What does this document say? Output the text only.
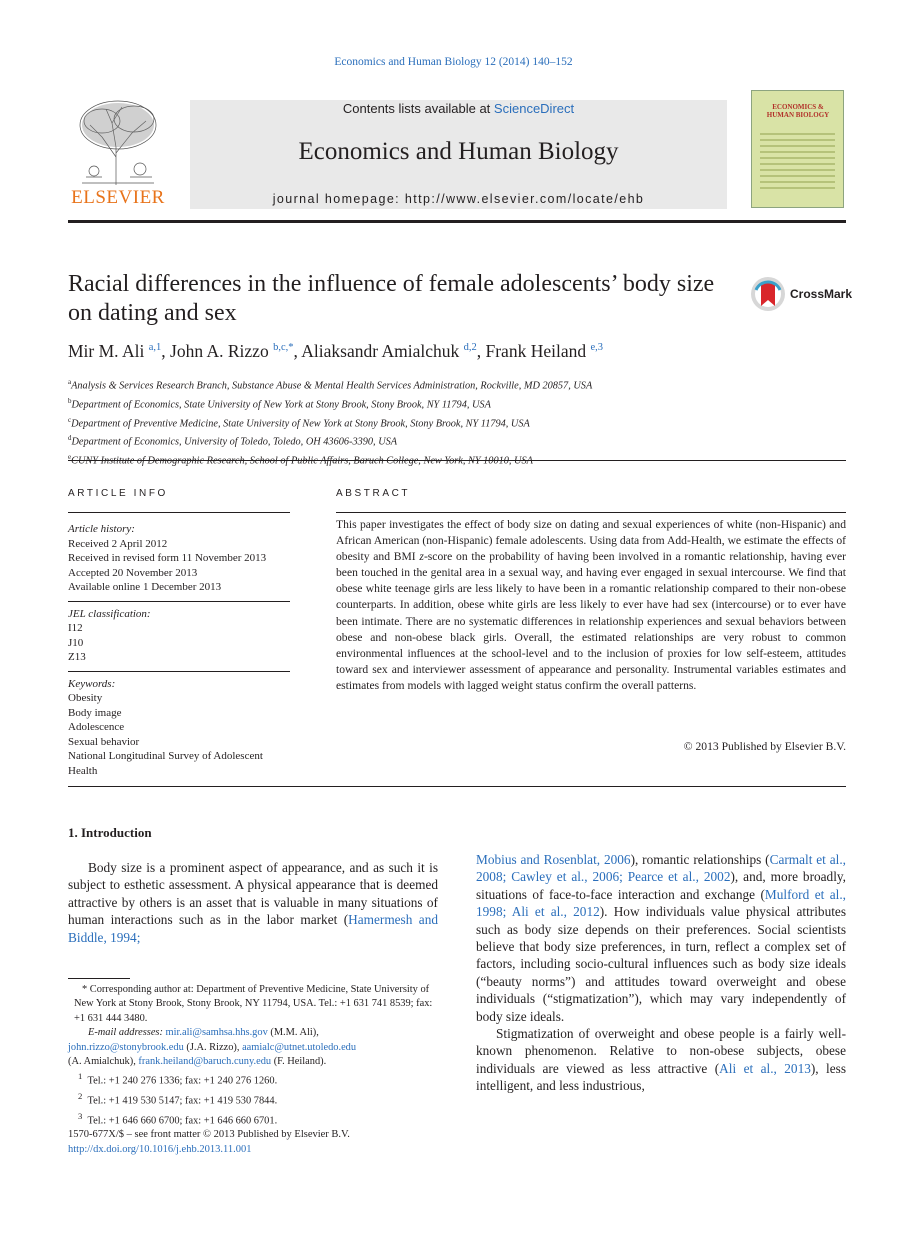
Economics and Human Biology 12 (2014) 140–152
ELSEVIER
Contents lists available at ScienceDirect
Economics and Human Biology
journal homepage: http://www.elsevier.com/locate/ehb
ECONOMICS &
HUMAN BIOLOGY
Racial differences in the influence of female adolescents’ body size on dating and sex
CrossMark
Mir M. Ali $^{a,1}$, John A. Rizzo $^{b,c,*}$, Aliaksandr Amialchuk $^{d,2}$, Frank Heiland $^{e,3}$
$^a$Analysis & Services Research Branch, Substance Abuse & Mental Health Services Administration, Rockville, MD 20857, USA
$^b$Department of Economics, State University of New York at Stony Brook, Stony Brook, NY 11794, USA
$^c$Department of Preventive Medicine, State University of New York at Stony Brook, Stony Brook, NY 11794, USA
$^d$Department of Economics, University of Toledo, Toledo, OH 43606-3390, USA
$^e$CUNY Institute of Demographic Research, School of Public Affairs, Baruch College, New York, NY 10010, USA
ARTICLE INFO
Article history:
Received 2 April 2012
Received in revised form 11 November 2013
Accepted 20 November 2013
Available online 1 December 2013
JEL classification:
I12
J10
Z13
Keywords:
Obesity
Body image
Adolescence
Sexual behavior
National Longitudinal Survey of Adolescent Health
ABSTRACT
This paper investigates the effect of body size on dating and sexual experiences of white (non-Hispanic) and African American (non-Hispanic) female adolescents. Using data from Add-Health, we estimate the effects of obesity and BMI z-score on the probability of having been involved in a romantic relationship, having ever been touched in the genital area in a sexual way, and having ever engaged in sexual intercourse. We find that obese white teenage girls are less likely to have been in a romantic relationship compared to their non-obese counterparts. In addition, obese white girls are less likely to ever have had sex (intercourse) or to ever have been intimate. There are no systematic differences in relationship experiences and sexual behaviors between obese and non-obese black girls. Overall, the estimated relationships are very robust to common environmental influences at the school-level and to the inclusion of proxies for low self-esteem, attitudes toward sex and interviewer assessment of appearance and personality. Instrumental variables estimates and estimates from models with lagged weight status confirm the overall patterns.
© 2013 Published by Elsevier B.V.
1. Introduction
Body size is a prominent aspect of appearance, and as such it is subject to esthetic assessment. A physical appearance that is deemed attractive by others is an asset that is valuable in many situations of human interactions such as in the labor market (Hamermesh and Biddle, 1994;
Mobius and Rosenblat, 2006), romantic relationships (Carmalt et al., 2008; Cawley et al., 2006; Pearce et al., 2002), and, more broadly, situations of face-to-face interaction and exchange (Mulford et al., 1998; Ali et al., 2012). How individuals value physical attributes such as body size depends on their preferences. Social scientists believe that body size preferences, in turn, reflect a complex set of factors, including socio-cultural influences such as body size ideals (“beauty norms”) and attitudes toward overweight and obese individuals (“stigmatization”), which may vary independently of body size ideals.
Stigmatization of overweight and obese people is a fairly well-known phenomenon. Relative to non-obese subjects, obese individuals are viewed as less attractive (Ali et al., 2013), less intelligent, and less industrious,
* Corresponding author at: Department of Preventive Medicine, State University of New York at Stony Brook, Stony Brook, NY 11794, USA. Tel.: +1 631 741 8539; fax: +1 631 444 3480.
E-mail addresses: mir.ali@samhsa.hhs.gov (M.M. Ali),
john.rizzo@stonybrook.edu (J.A. Rizzo), aamialc@utnet.utoledo.edu
(A. Amialchuk), frank.heiland@baruch.cuny.edu (F. Heiland).
$^1$ Tel.: +1 240 276 1336; fax: +1 240 276 1260.
$^2$ Tel.: +1 419 530 5147; fax: +1 419 530 7844.
$^3$ Tel.: +1 646 660 6700; fax: +1 646 660 6701.
1570-677X/$ – see front matter © 2013 Published by Elsevier B.V.
http://dx.doi.org/10.1016/j.ehb.2013.11.001
